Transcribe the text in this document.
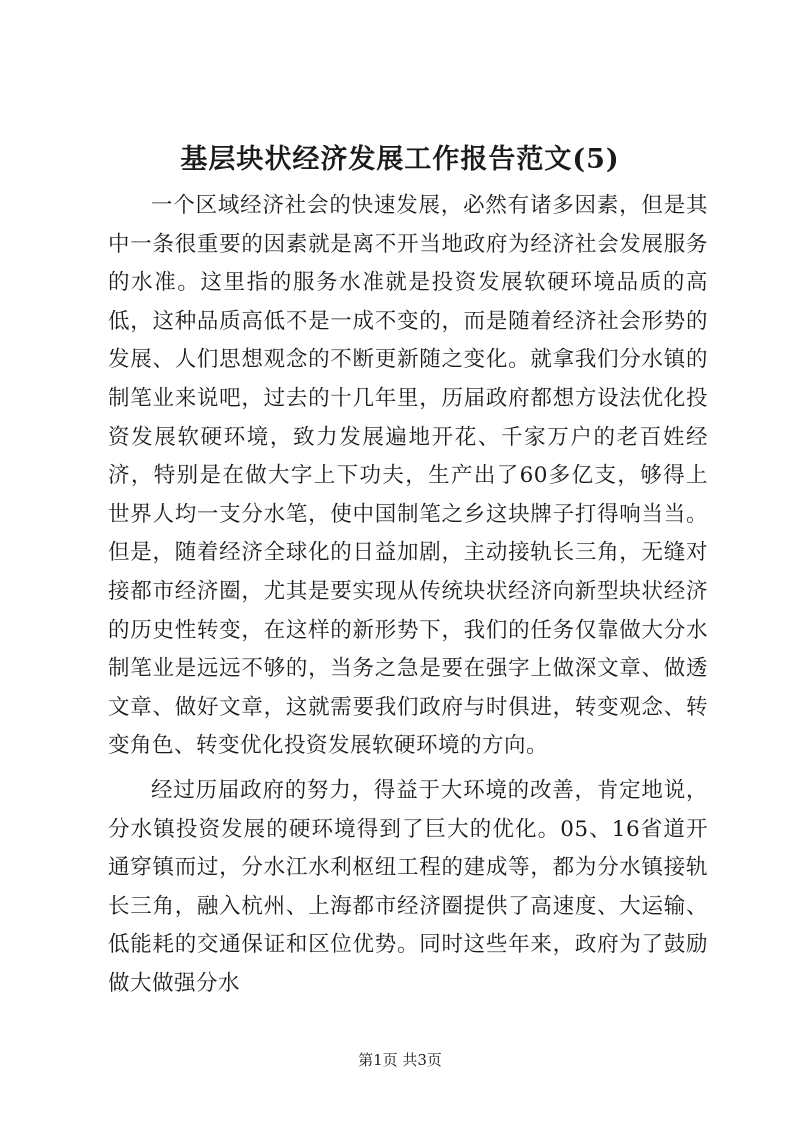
基层块状经济发展工作报告范文(5)

一个区域经济社会的快速发展，必然有诸多因素，但是其中一条很重要的因素就是离不开当地政府为经济社会发展服务的水准。这里指的服务水准就是投资发展软硬环境品质的高低，这种品质高低不是一成不变的，而是随着经济社会形势的发展、人们思想观念的不断更新随之变化。就拿我们分水镇的制笔业来说吧，过去的十几年里，历届政府都想方设法优化投资发展软硬环境，致力发展遍地开花、千家万户的老百姓经济，特别是在做大字上下功夫，生产出了60多亿支，够得上世界人均一支分水笔，使中国制笔之乡这块牌子打得响当当。但是，随着经济全球化的日益加剧，主动接轨长三角，无缝对接都市经济圈，尤其是要实现从传统块状经济向新型块状经济的历史性转变，在这样的新形势下，我们的任务仅靠做大分水制笔业是远远不够的，当务之急是要在强字上做深文章、做透文章、做好文章，这就需要我们政府与时俱进，转变观念、转变角色、转变优化投资发展软硬环境的方向。

经过历届政府的努力，得益于大环境的改善，肯定地说，分水镇投资发展的硬环境得到了巨大的优化。05、16省道开通穿镇而过，分水江水利枢纽工程的建成等，都为分水镇接轨长三角，融入杭州、上海都市经济圈提供了高速度、大运输、低能耗的交通保证和区位优势。同时这些年来，政府为了鼓励做大做强分水

第1页 共3页
